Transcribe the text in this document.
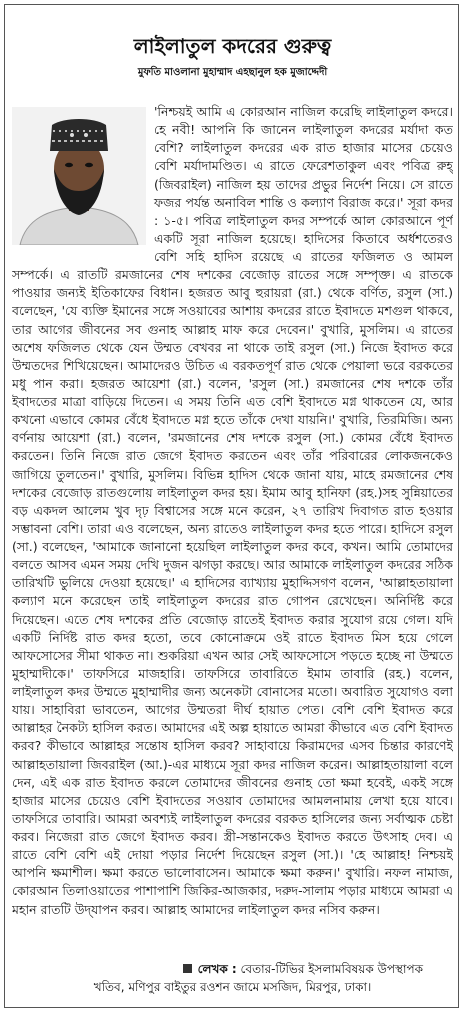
লাইলাতুল কদরের গুরুত্ব
মুফতি মাওলানা মুহাম্মাদ এহছানুল হক মুজাদ্দেদী

'নিশ্চয়ই আমি এ কোরআন নাজিল করেছি লাইলাতুল কদরে। হে নবী! আপনি কি জানেন লাইলাতুল কদরের মর্যাদা কত বেশি? লাইলাতুল কদরের এক রাত হাজার মাসের চেয়েও বেশি মর্যাদামণ্ডিত। এ রাতে ফেরেশতাকুল এবং পবিত্র রুহ্‌ (জিবরাইল) নাজিল হয় তাদের প্রভুর নির্দেশ নিয়ে। সে রাতে ফজর পর্যন্ত অনাবিল শান্তি ও কল্যাণ বিরাজ করে।' সূরা কদর : ১-৫। পবিত্র লাইলাতুল কদর সম্পর্কে আল কোরআনে পূর্ণ একটি সূরা নাজিল হয়েছে। হাদিসের কিতাবে অর্ধশতেরও বেশি সহি হাদিস রয়েছে এ রাতের ফজিলত ও আমল সম্পর্কে। এ রাতটি রমজানের শেষ দশকের বেজোড় রাতের সঙ্গে সম্পৃক্ত। এ রাতকে পাওয়ার জন্যই ইতিকাফের বিধান। হজরত আবু হুরায়রা (রা.) থেকে বর্ণিত, রসুল (সা.) বলেছেন, 'যে ব্যক্তি ইমানের সঙ্গে সওয়াবের আশায় কদরের রাতে ইবাদতে মশগুল থাকবে, তার আগের জীবনের সব গুনাহ আল্লাহ মাফ করে দেবেন।' বুখারি, মুসলিম। এ রাতের অশেষ ফজিলত থেকে যেন উম্মত বেখবর না থাকে তাই রসুল (সা.) নিজে ইবাদত করে উম্মতদের শিখিয়েছেন। আমাদেরও উচিত এ বরকতপূর্ণ রাত থেকে পেয়ালা ভরে বরকতের মধু পান করা। হজরত আয়েশা (রা.) বলেন, 'রসুল (সা.) রমজানের শেষ দশকে তাঁর ইবাদতের মাত্রা বাড়িয়ে দিতেন। এ সময় তিনি এত বেশি ইবাদতে মগ্ন থাকতেন যে, আর কখনো এভাবে কোমর বেঁধে ইবাদতে মগ্ন হতে তাঁকে দেখা যায়নি।' বুখারি, তিরমিজি। অন্য বর্ণনায় আয়েশা (রা.) বলেন, 'রমজানের শেষ দশকে রসুল (সা.) কোমর বেঁধে ইবাদত করতেন। তিনি নিজে রাত জেগে ইবাদত করতেন এবং তাঁর পরিবারের লোকজনকেও জাগিয়ে তুলতেন।' বুখারি, মুসলিম। বিভিন্ন হাদিস থেকে জানা যায়, মাহে রমজানের শেষ দশকের বেজোড় রাতগুলোয় লাইলাতুল কদর হয়। ইমাম আবু হানিফা (রহ.)সহ সুন্নিয়াতের বড় একদল আলেম খুব দৃঢ় বিশ্বাসের সঙ্গে মনে করেন, ২৭ তারিখ দিবাগত রাত হওয়ার সম্ভাবনা বেশি। তারা এও বলেছেন, অন্য রাতেও লাইলাতুল কদর হতে পারে। হাদিসে রসুল (সা.) বলেছেন, 'আমাকে জানানো হয়েছিল লাইলাতুল কদর কবে, কখন। আমি তোমাদের বলতে আসব এমন সময় দেখি দুজন ঝগড়া করছে। আর আমাকে লাইলাতুল কদরের সঠিক তারিখটি ভুলিয়ে দেওয়া হয়েছে।' এ হাদিসের ব্যাখ্যায় মুহাদ্দিসগণ বলেন, 'আল্লাহতায়ালা কল্যাণ মনে করেছেন তাই লাইলাতুল কদরের রাত গোপন রেখেছেন। অনির্দিষ্ট করে দিয়েছেন। এতে শেষ দশকের প্রতি বেজোড় রাতেই ইবাদত করার সুযোগ রয়ে গেল। যদি একটি নির্দিষ্ট রাত কদর হতো, তবে কোনোক্রমে ওই রাতে ইবাদত মিস হয়ে গেলে আফসোসের সীমা থাকত না। শুকরিয়া এখন আর সেই আফসোসে পড়তে হচ্ছে না উম্মতে মুহাম্মাদীকে।' তাফসিরে মাজহারি। তাফসিরে তাবারিতে ইমাম তাবারি (রহ.) বলেন, লাইলাতুল কদর উম্মতে মুহাম্মাদীর জন্য অনেকটা বোনাসের মতো। অবারিত সুযোগও বলা যায়। সাহাবিরা ভাবতেন, আগের উম্মতরা দীর্ঘ হায়াত পেত। বেশি বেশি ইবাদত করে আল্লাহর নৈকট্য হাসিল করত। আমাদের এই অল্প হায়াতে আমরা কীভাবে এত বেশি ইবাদত করব? কীভাবে আল্লাহর সন্তোষ হাসিল করব? সাহাবায়ে কিরামদের এসব চিন্তার কারণেই আল্লাহতায়ালা জিবরাইল (আ.)-এর মাধ্যমে সূরা কদর নাজিল করেন। আল্লাহতায়ালা বলে দেন, এই এক রাত ইবাদত করলে তোমাদের জীবনের গুনাহ তো ক্ষমা হবেই, একই সঙ্গে হাজার মাসের চেয়েও বেশি ইবাদতের সওয়াব তোমাদের আমলনামায় লেখা হয়ে যাবে। তাফসিরে তাবারি। আমরা অবশ্যই লাইলাতুল কদরের বরকত হাসিলের জন্য সর্বাত্মক চেষ্টা করব। নিজেরা রাত জেগে ইবাদত করব। স্ত্রী-সন্তানকেও ইবাদত করতে উৎসাহ দেব। এ রাতে বেশি বেশি এই দোয়া পড়ার নির্দেশ দিয়েছেন রসুল (সা.)। 'হে আল্লাহ! নিশ্চয়ই আপনি ক্ষমাশীল। ক্ষমা করতে ভালোবাসেন। আমাকে ক্ষমা করুন।' বুখারি। নফল নামাজ, কোরআন তিলাওয়াতের পাশাপাশি জিকির-আজকার, দরুদ-সালাম পড়ার মাধ্যমে আমরা এ মহান রাতটি উদ্‌যাপন করব। আল্লাহ আমাদের লাইলাতুল কদর নসিব করুন।

লেখক : বেতার-টিভির ইসলামবিষয়ক উপস্থাপক
খতিব, মণিপুর বাইতুর রওশন জামে মসজিদ, মিরপুর, ঢাকা।
